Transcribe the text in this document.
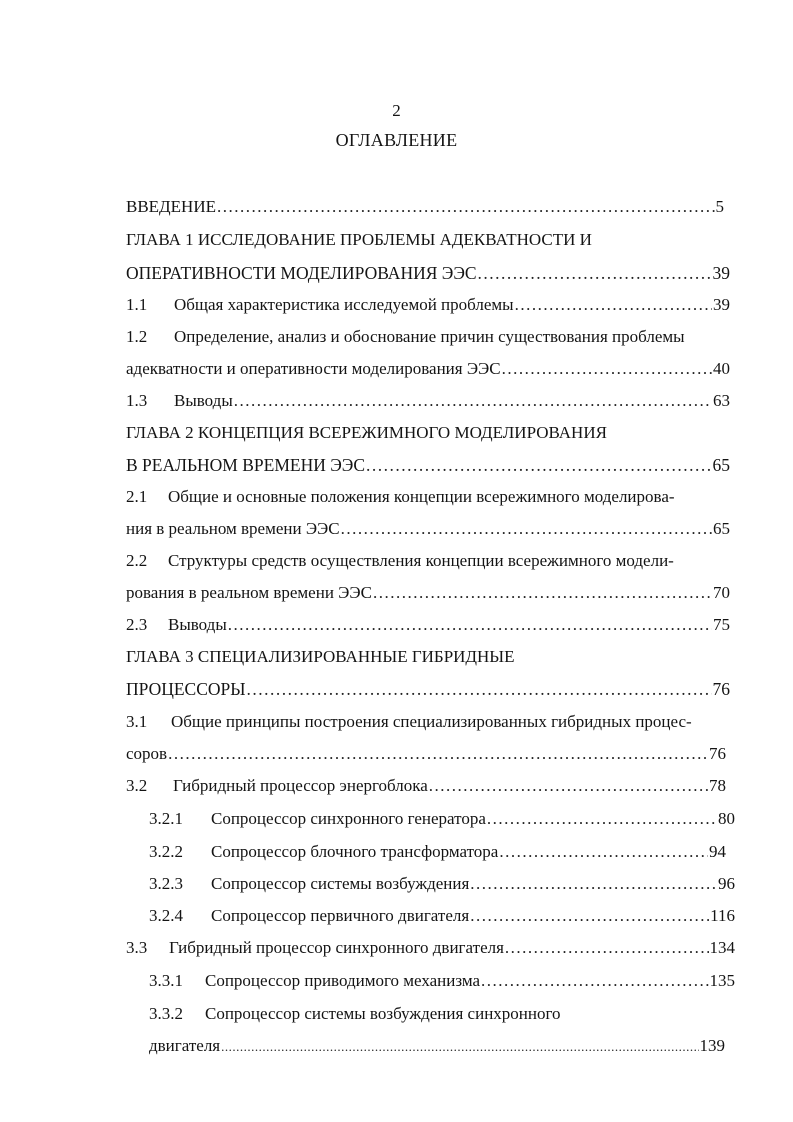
2
ОГЛАВЛЕНИЕ
ВВЕДЕНИЕ .....	5
ГЛАВА 1 ИССЛЕДОВАНИЕ ПРОБЛЕМЫ АДЕКВАТНОСТИ И
ОПЕРАТИВНОСТИ МОДЕЛИРОВАНИЯ ЭЭС .....	39
1.1	Общая характеристика исследуемой проблемы .....	39
1.2	Определение, анализ и обоснование причин существования проблемы
адекватности и оперативности моделирования ЭЭС .....	40
1.3	Выводы .....	63
ГЛАВА 2 КОНЦЕПЦИЯ ВСЕРЕЖИМНОГО МОДЕЛИРОВАНИЯ
В РЕАЛЬНОМ ВРЕМЕНИ ЭЭС .....	65
2.1	Общие и основные положения концепции всережимного моделирова-
ния в реальном времени ЭЭС .....	65
2.2	Структуры средств осуществления концепции всережимного модели-
рования в реальном времени ЭЭС .....	70
2.3	Выводы .....	75
ГЛАВА 3 СПЕЦИАЛИЗИРОВАННЫЕ ГИБРИДНЫЕ
ПРОЦЕССОРЫ .....	76
3.1	Общие принципы построения специализированных гибридных процес-
соров .....	76
3.2	Гибридный процессор энергоблока .....	78
3.2.1	Сопроцессор синхронного генератора .....	80
3.2.2	Сопроцессор блочного трансформатора .....	94
3.2.3	Сопроцессор системы возбуждения .....	96
3.2.4	Сопроцессор первичного двигателя .....	116
3.3	Гибридный процессор синхронного двигателя .....	134
3.3.1	Сопроцессор приводимого механизма .....	135
3.3.2	Сопроцессор системы возбуждения синхронного
двигателя .....	139
